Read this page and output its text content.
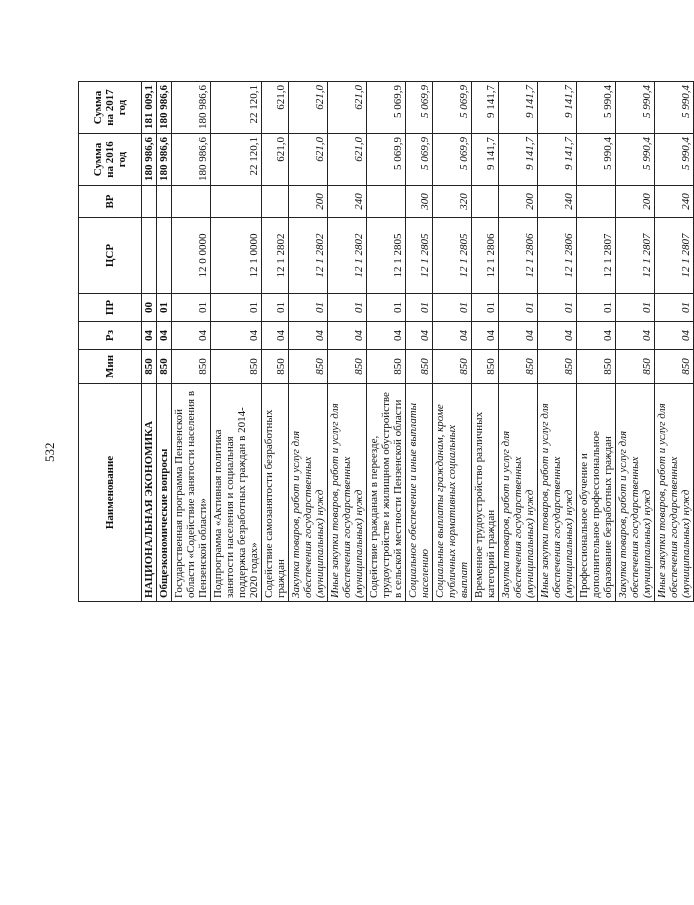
532
Наименование	Мин	Рз	ПР	ЦСР	ВР	Сумма на 2016 год	Сумма на 2017 год
НАЦИОНАЛЬНАЯ ЭКОНОМИКА	850	04	00			180 986,6	181 009,1
Общеэкономические вопросы	850	04	01			180 986,6	180 986,6
Государственная программа Пензенской области «Содействие занятости населения в Пензенской области»	850	04	01	12 0 0000		180 986,6	180 986,6
Подпрограмма «Активная политика занятости населения и социальная поддержка безработных граждан в 2014-2020 годах»	850	04	01	12 1 0000		22 120,1	22 120,1
Содействие самозанятости безработных граждан	850	04	01	12 1 2802		621,0	621,0
Закупка товаров, работ и услуг для обеспечения государственных (муниципальных) нужд	850	04	01	12 1 2802	200	621,0	621,0
Иные закупки товаров, работ и услуг для обеспечения государственных (муниципальных) нужд	850	04	01	12 1 2802	240	621,0	621,0
Содействие гражданам в переезде, трудоустройстве и жилищном обустройстве в сельской местности Пензенской области	850	04	01	12 1 2805		5 069,9	5 069,9
Социальное обеспечение и иные выплаты населению	850	04	01	12 1 2805	300	5 069,9	5 069,9
Социальные выплаты гражданам, кроме публичных нормативных социальных выплат	850	04	01	12 1 2805	320	5 069,9	5 069,9
Временное трудоустройство различных категорий граждан	850	04	01	12 1 2806		9 141,7	9 141,7
Закупка товаров, работ и услуг для обеспечения государственных (муниципальных) нужд	850	04	01	12 1 2806	200	9 141,7	9 141,7
Иные закупки товаров, работ и услуг для обеспечения государственных (муниципальных) нужд	850	04	01	12 1 2806	240	9 141,7	9 141,7
Профессиональное обучение и дополнительное профессиональное образование безработных граждан	850	04	01	12 1 2807		5 990,4	5 990,4
Закупка товаров, работ и услуг для обеспечения государственных (муниципальных) нужд	850	04	01	12 1 2807	200	5 990,4	5 990,4
Иные закупки товаров, работ и услуг для обеспечения государственных (муниципальных) нужд	850	04	01	12 1 2807	240	5 990,4	5 990,4
